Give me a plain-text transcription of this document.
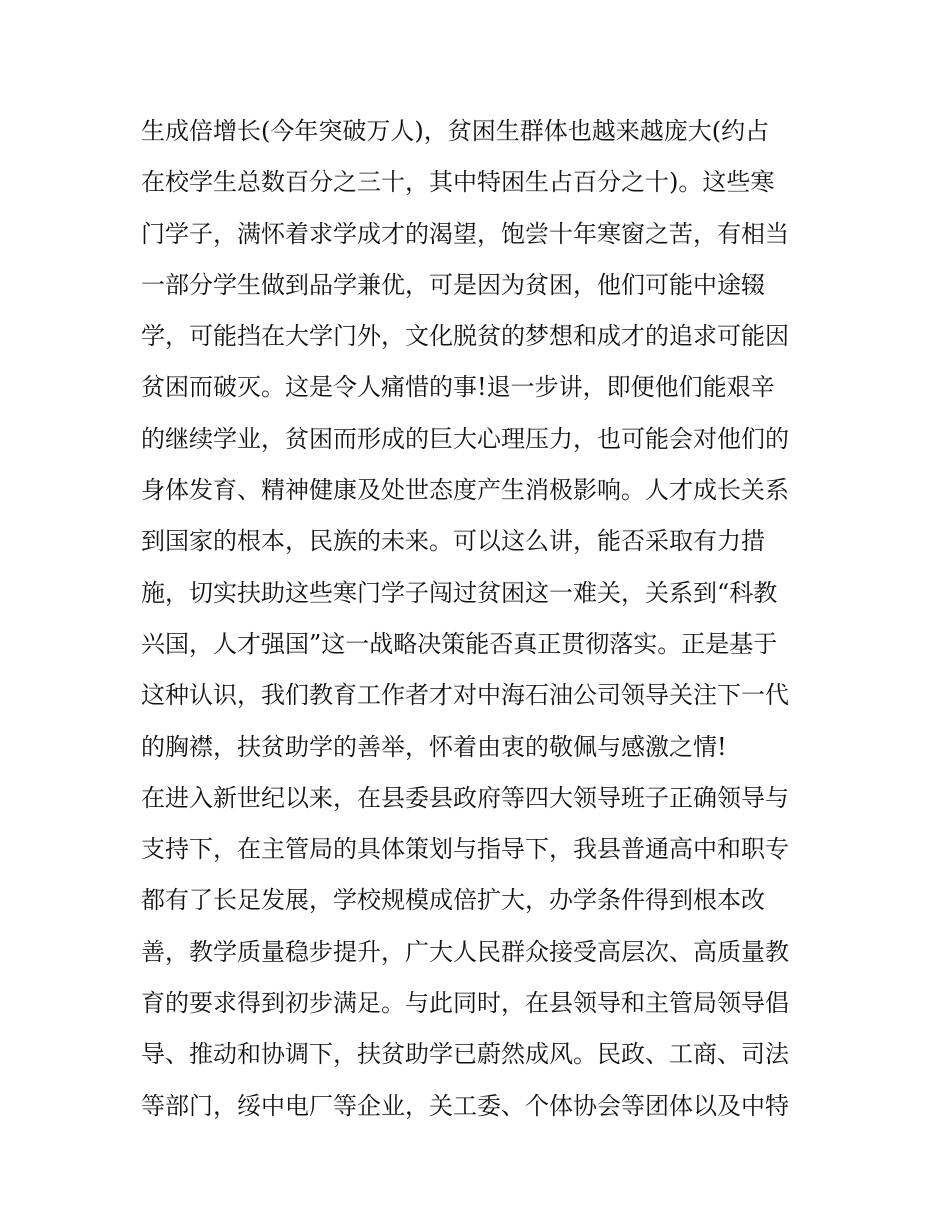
生成倍增长(今年突破万人)，贫困生群体也越来越庞大(约占
在校学生总数百分之三十，其中特困生占百分之十)。这些寒
门学子，满怀着求学成才的渴望，饱尝十年寒窗之苦，有相当
一部分学生做到品学兼优，可是因为贫困，他们可能中途辍
学，可能挡在大学门外，文化脱贫的梦想和成才的追求可能因
贫困而破灭。这是令人痛惜的事!退一步讲，即便他们能艰辛
的继续学业，贫困而形成的巨大心理压力，也可能会对他们的
身体发育、精神健康及处世态度产生消极影响。人才成长关系
到国家的根本，民族的未来。可以这么讲，能否采取有力措
施，切实扶助这些寒门学子闯过贫困这一难关，关系到“科教
兴国，人才强国”这一战略决策能否真正贯彻落实。正是基于
这种认识，我们教育工作者才对中海石油公司领导关注下一代
的胸襟，扶贫助学的善举，怀着由衷的敬佩与感激之情!
在进入新世纪以来，在县委县政府等四大领导班子正确领导与
支持下，在主管局的具体策划与指导下，我县普通高中和职专
都有了长足发展，学校规模成倍扩大，办学条件得到根本改
善，教学质量稳步提升，广大人民群众接受高层次、高质量教
育的要求得到初步满足。与此同时，在县领导和主管局领导倡
导、推动和协调下，扶贫助学已蔚然成风。民政、工商、司法
等部门，绥中电厂等企业，关工委、个体协会等团体以及中特
